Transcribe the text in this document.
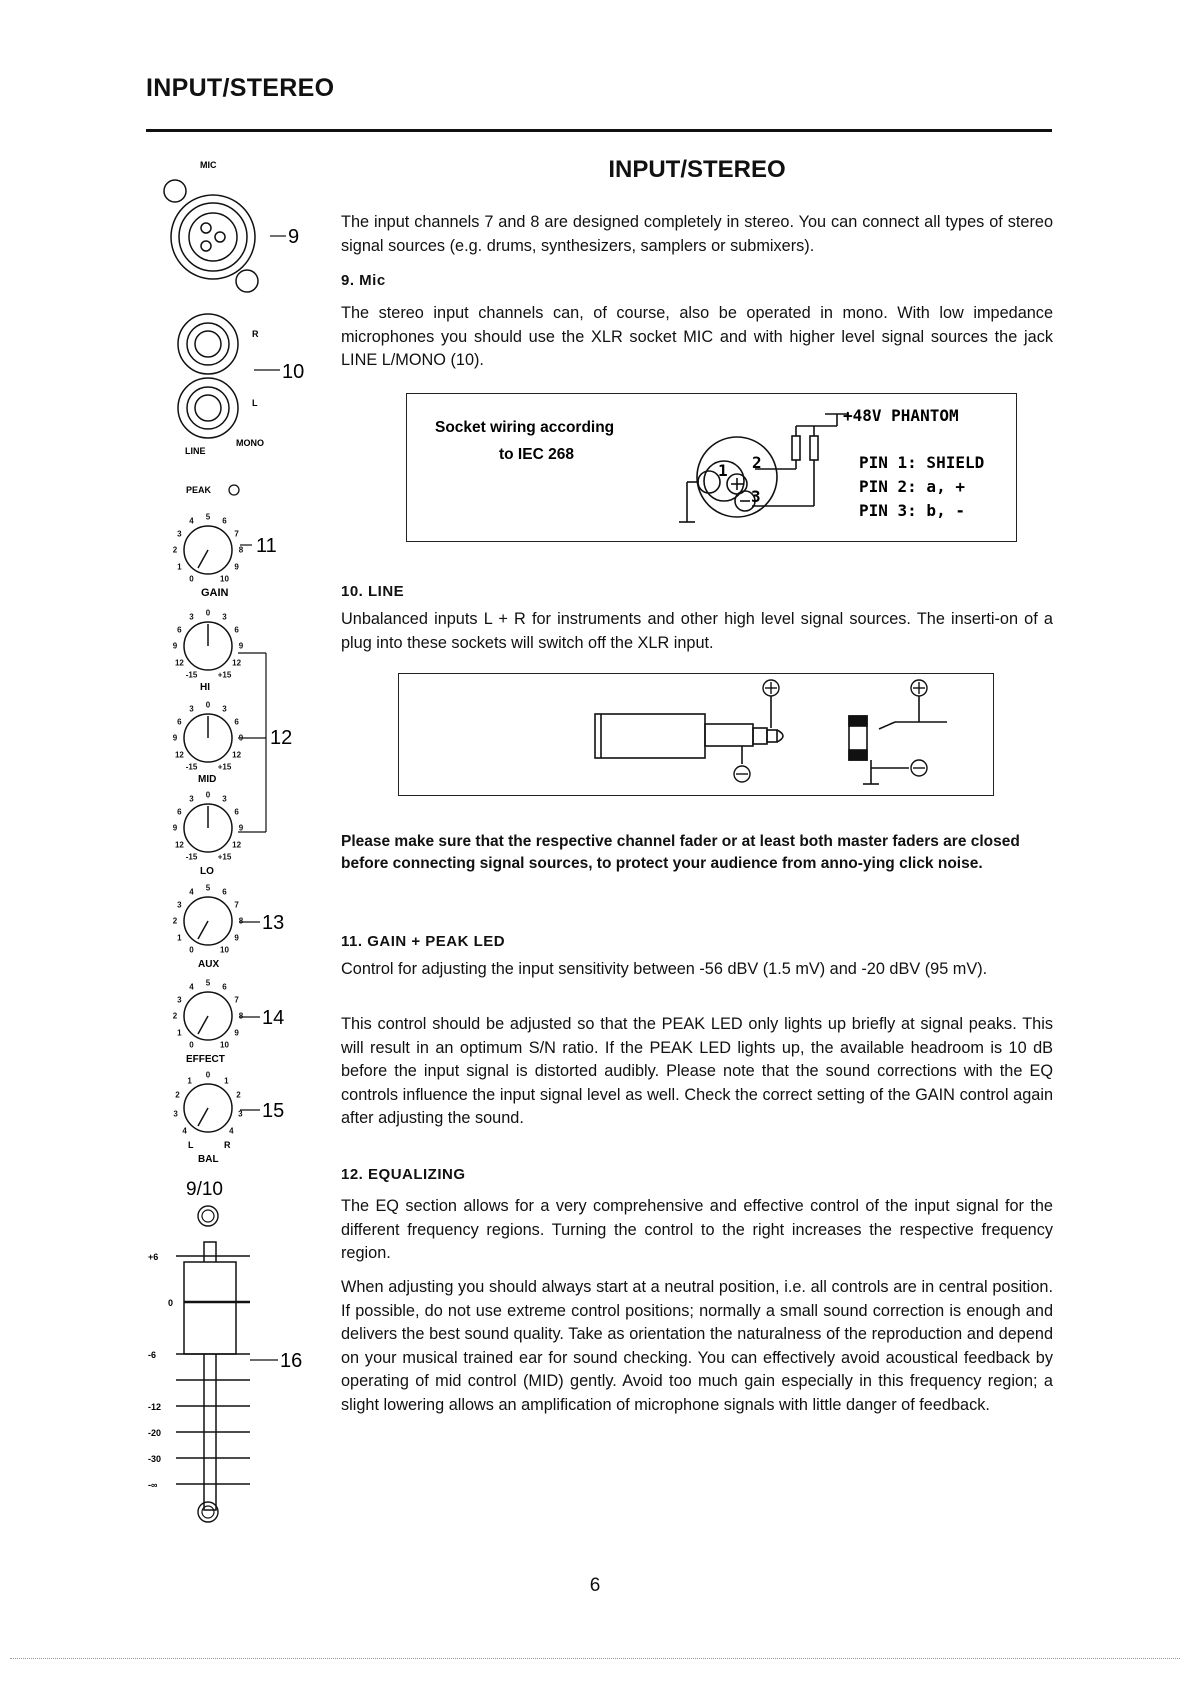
INPUT/STEREO
INPUT/STEREO

The input channels 7 and 8 are designed completely in stereo. You can connect all types of stereo signal sources (e.g. drums, synthesizers, samplers or submixers).

9. Mic

The stereo input channels can, of course, also be operated in mono. With low impedance microphones you should use the XLR socket MIC and with higher level signal sources the jack LINE L/MONO (10).

Socket wiring according
to IEC 268
1 2
3
+48V PHANTOM
PIN 1: SHIELD
PIN 2: a, +
PIN 3: b, -
10. LINE

Unbalanced inputs L + R for instruments and other high level signal sources. The inserti-on of a plug into these sockets will switch off the XLR input.

Please make sure that the respective channel fader or at least both master faders are closed before connecting signal sources, to protect your audience from anno-ying click noise.
11. GAIN + PEAK LED

Control for adjusting the input sensitivity between -56 dBV (1.5 mV) and -20 dBV (95 mV).

This control should be adjusted so that the PEAK LED only lights up briefly at signal peaks. This will result in an optimum S/N ratio. If the PEAK LED lights up, the available headroom is 10 dB before the input signal is distorted audibly. Please note that the sound corrections with the EQ controls influence the input signal level as well. Check the correct setting of the GAIN control again after adjusting the sound.

12. EQUALIZING

The EQ section allows for a very comprehensive and effective control of the input signal for the different frequency regions. Turning the control to the right increases the respective frequency region.

When adjusting you should always start at a neutral position, i.e. all controls are in central position. If possible, do not use extreme control positions; normally a small sound correction is enough and delivers the best sound quality. Take as orientation the naturalness of the reproduction and depend on your musical trained ear for sound checking. You can effectively avoid acoustical feedback by operating of mid control (MID) gently. Avoid too much gain especially in this frequency region; a slight lowering allows an amplification of microphone signals with little danger of feedback.

MIC
9
R
10
L
LINE
MONO
PEAK
GAIN
11
HI
MID
LO
12
AUX
13
EFFECT
14
L	R
BAL
15
9/10
+6
0
-6
-12
-20
-30
-∞
16
0
1
2
3
4 5 6
7
8
9
10
-15
12
9
6
3 0 3
6
9
12
+15
-15
12
9
6
3 0 3
6
9
12
+15
-15
12
9
6
3 0 3
6
9
12
+15
0
1
2
3
4 5 6
7
8
9
10
0
1
2
3
4 5 6
7
8
9
10
4
3
2
1
0
1
2
3
4
6
